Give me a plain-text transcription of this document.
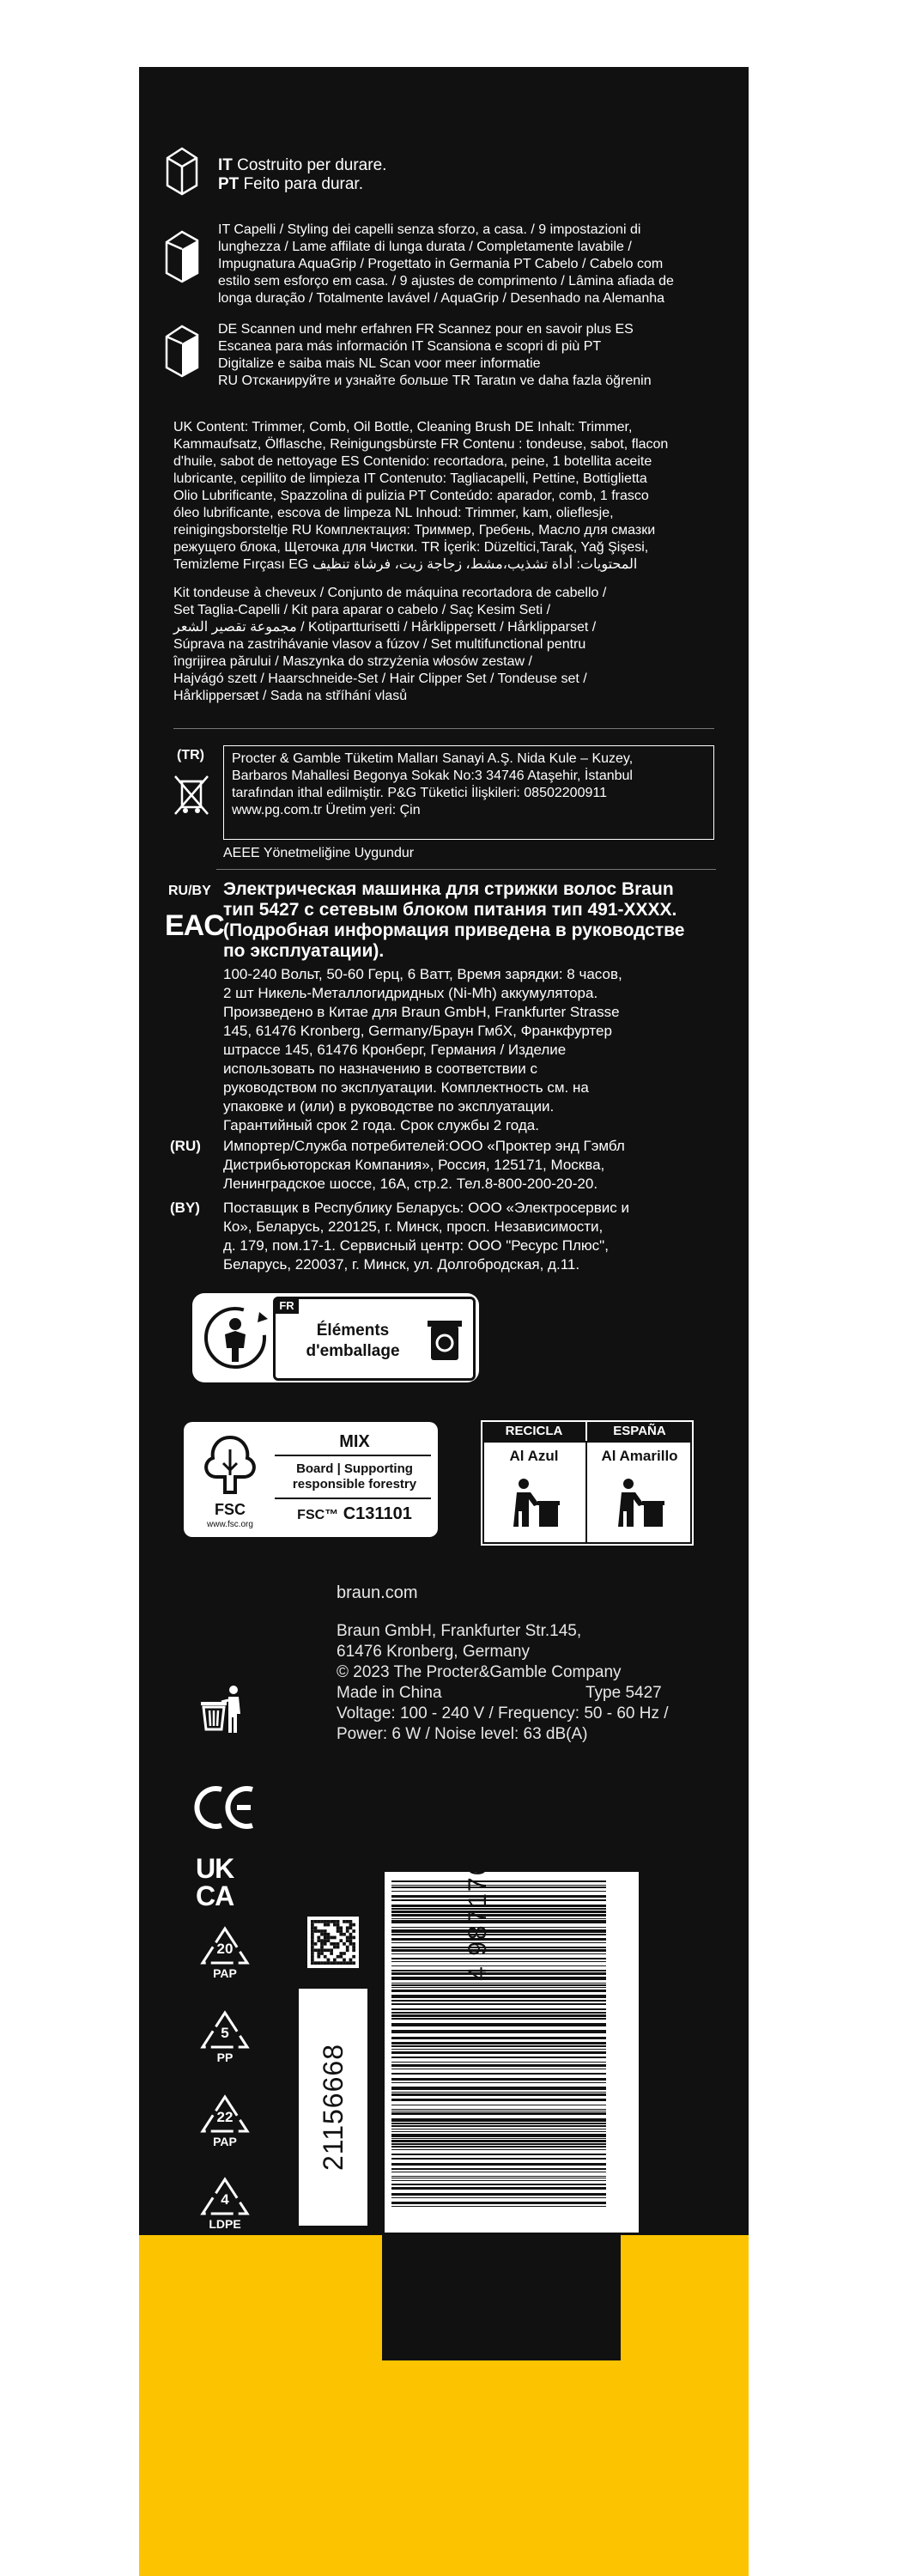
IT Costruito per durare.
PT Feito para durar.
IT Capelli / Styling dei capelli senza sforzo, a casa. / 9 impostazioni di
lunghezza / Lame affilate di lunga durata / Completamente lavabile /
Impugnatura AquaGrip / Progettato in Germania PT Cabelo / Cabelo com
estilo sem esforço em casa. / 9 ajustes de comprimento / Lâmina afiada de
longa duração / Totalmente lavável / AquaGrip / Desenhado na Alemanha
DE Scannen und mehr erfahren FR Scannez pour en savoir plus ES
Escanea para más información IT Scansiona e scopri di più PT
Digitalize e saiba mais NL Scan voor meer informatie
RU Отсканируйте и узнайте больше TR Taratın ve daha fazla öğrenin
UK Content: Trimmer, Comb, Oil Bottle, Cleaning Brush DE Inhalt: Trimmer,
Kammaufsatz, Ölflasche, Reinigungsbürste FR Contenu : tondeuse, sabot, flacon
d'huile, sabot de nettoyage ES Contenido: recortadora, peine, 1 botellita aceite
lubricante, cepillito de limpieza IT Contenuto: Tagliacapelli, Pettine, Bottiglietta
Olio Lubrificante, Spazzolina di pulizia PT Conteúdo: aparador, comb, 1 frasco
óleo lubrificante, escova de limpeza NL Inhoud: Trimmer, kam, olieflesje,
reinigingsborsteltje RU Комплектация: Триммер, Гребень, Масло для смазки
режущего блока, Щеточка для Чистки. TR İçerik: Düzeltici,Tarak, Yağ Şişesi,
Temizleme Fırçası EG المحتويات: أداة تشذيب،مشط، زجاجة زيت، فرشاة تنظيف
Kit tondeuse à cheveux / Conjunto de máquina recortadora de cabello /
Set Taglia-Capelli / Kit para aparar o cabelo / Saç Kesim Seti /
مجموعة تقصير الشعر / Kotipartturisetti / Hårklippersett / Hårklipparset /
Súprava na zastrihávanie vlasov a fúzov / Set multifunctional pentru
îngrijirea părului / Maszynka do strzyżenia włosów zestaw /
Hajvágó szett / Haarschneide-Set / Hair Clipper Set / Tondeuse set /
Hårklippersæt / Sada na stříhání vlasů
(TR) Procter & Gamble Tüketim Malları Sanayi A.Ş. Nida Kule – Kuzey,
Barbaros Mahallesi Begonya Sokak No:3 34746 Ataşehir, İstanbul
tarafından ithal edilmiştir. P&G Tüketici İlişkileri: 08502200911
www.pg.com.tr Üretim yeri: Çin
AEEE Yönetmeliğine Uygundur
RU/BY
EAC
Электрическая машинка для стрижки волос Braun
тип 5427 с сетевым блоком питания тип 491-XXXX.
(Подробная информация приведена в руководстве
по эксплуатации).
100-240 Вольт, 50-60 Герц, 6 Ватт, Время зарядки: 8 часов,
2 шт Никель-Металлогидридных (Ni-Mh) аккумулятора.
Произведено в Китае для Braun GmbH, Frankfurter Strasse
145, 61476 Kronberg, Germany/Браун ГмбХ, Франкфуртер
штрассе 145, 61476 Кронберг, Германия / Изделие
использовать по назначению в соответствии с
руководством по эксплуатации. Комплектность см. на
упаковке и (или) в руководстве по эксплуатации.
Гарантийный срок 2 года. Срок службы 2 года.
(RU) Импортер/Служба потребителей:ООО «Проктер энд Гэмбл
Дистрибьюторская Компания», Россия, 125171, Москва,
Ленинградское шоссе, 16А, стр.2. Тел.8-800-200-20-20.
(BY) Поставщик в Республику Беларусь: ООО «Электросервис и
Ко», Беларусь, 220125, г. Минск, просп. Независимости,
д. 179, пом.17-1. Сервисный центр: ООО "Ресурс Плюс",
Беларусь, 220037, г. Минск, ул. Долгобродская, д.11.
FR
Éléments
d'emballage
FSC
www.fsc.org
MIX
Board | Supporting
responsible forestry
FSC™ C131101
RECICLA	ESPAÑA
Al Azul	Al Amarillo
braun.com
Braun GmbH, Frankfurter Str.145,
61476 Kronberg, Germany
© 2023 The Procter&Gamble Company
Made in China	Type 5427
Voltage: 100 - 240 V / Frequency: 50 - 60 Hz /
Power: 6 W / Noise level: 63 dB(A)
UK
CA
20
PAP
5
PP
22
PAP
4
LDPE
21156668
4 987176 251039
